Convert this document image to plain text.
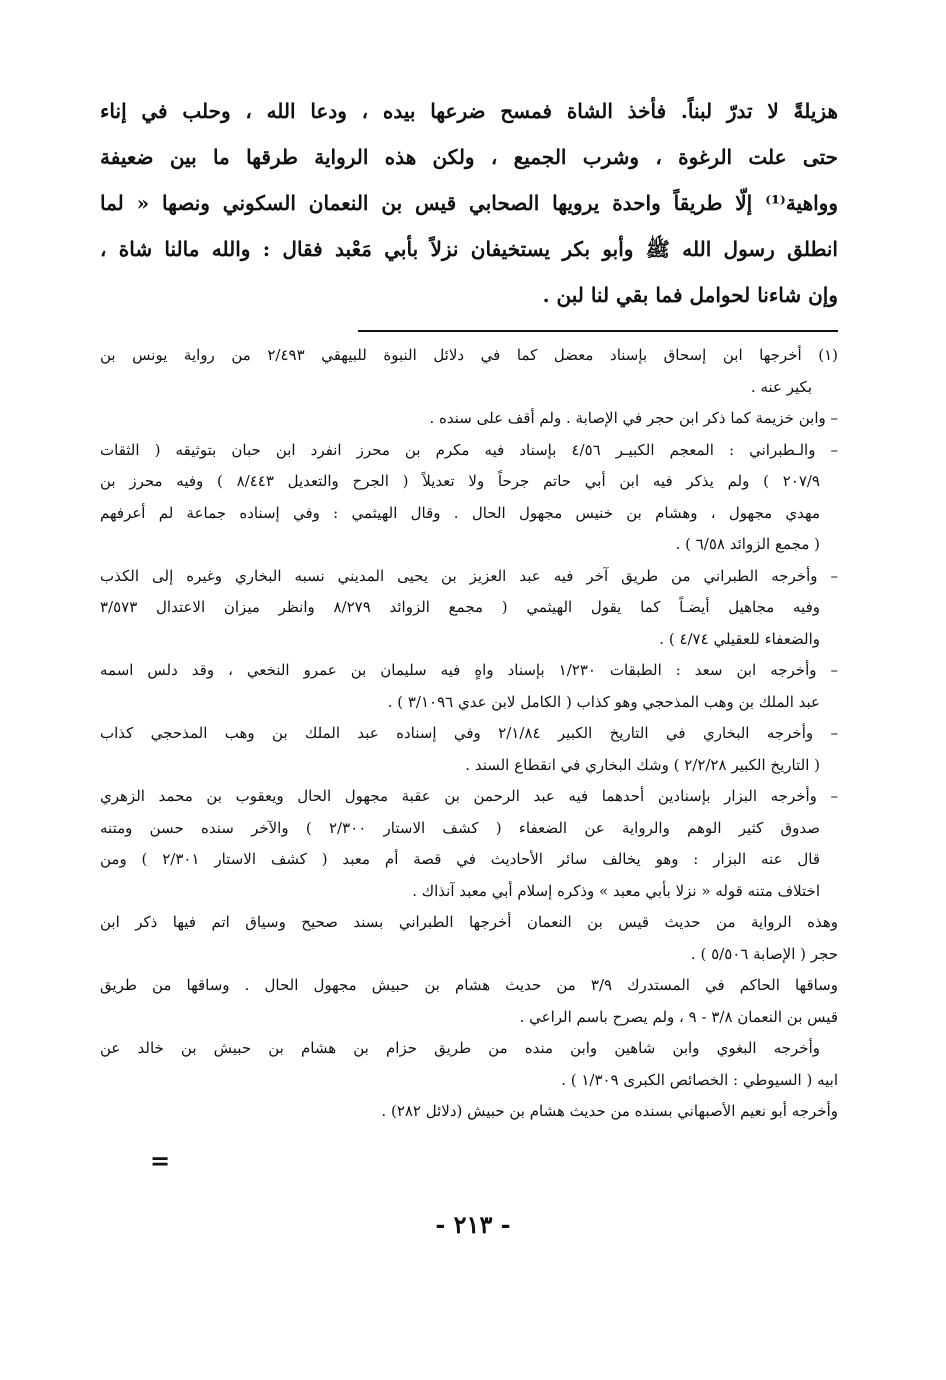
هزيلةً لا تدرّ لبناً. فأخذ الشاة فمسح ضرعها بيده ، ودعا الله ، وحلب في إناء
حتى علت الرغوة ، وشرب الجميع ، ولكن هذه الرواية طرقها ما بين ضعيفة
وواهية⁽¹⁾ إلّا طريقاً واحدة يرويها الصحابي قيس بن النعمان السكوني ونصها « لما
انطلق رسول الله ﷺ وأبو بكر يستخيفان نزلاً بأبي مَعْبد فقال : والله مالنا شاة ،
وإن شاءنا لحوامل فما بقي لنا لبن .
(١) أخرجها ابن إسحاق بإسناد معضل كما في دلائل النبوة للبيهقي ٢/٤٩٣ من رواية يونس بن
بكير عنه .
– وابن خزيمة كما ذكر ابن حجر في الإصابة . ولم أقف على سنده .
– والـطبراني : المعجم الكبيـر ٤/٥٦ بإسناد فيه مكرم بن محرز انفرد ابن حبان بتوثيقه ( الثقات
٢٠٧/٩ ) ولم يذكر فيه ابن أبي حاتم جرحاً ولا تعديلاً ( الجرح والتعديل ٨/٤٤٣ ) وفيه محرز بن
مهدي مجهول ، وهشام بن خنيس مجهول الحال . وقال الهيثمي : وفي إسناده جماعة لم أعرفهم
( مجمع الزوائد ٦/٥٨ ) .
– وأخرجه الطبراني من طريق آخر فيه عبد العزيز بن يحيى المديني نسبه البخاري وغيره إلى الكذب
وفيه مجاهيل أيضـاً كما يقول الهيثمي ( مجمع الزوائد ٨/٢٧٩ وانظر ميزان الاعتدال ٣/٥٧٣
والضعفاء للعقيلي ٤/٧٤ ) .
– وأخرجه ابن سعد : الطبقات ١/٢٣٠ بإسناد واهٍ فيه سليمان بن عمرو النخعي ، وقد دلس اسمه
عبد الملك بن وهب المذحجي وهو كذاب ( الكامل لابن عدي ٣/١٠٩٦ ) .
– وأخرجه البخاري في التاريخ الكبير ٢/١/٨٤ وفي إسناده عبد الملك بن وهب المذحجي كذاب
( التاريخ الكبير ٢/٢/٢٨ ) وشك البخاري في انقطاع السند .
– وأخرجه البزار بإسنادين أحدهما فيه عبد الرحمن بن عقبة مجهول الحال ويعقوب بن محمد الزهري
صدوق كثير الوهم والرواية عن الضعفاء ( كشف الاستار ٢/٣٠٠ ) والآخر سنده حسن ومتنه
قال عنه البزار : وهو يخالف سائر الأحاديث في قصة أم معبد ( كشف الاستار ٢/٣٠١ ) ومن
اختلاف متنه قوله « نزلا بأبي معبد » وذكره إسلام أبي معبد آنذاك .
وهذه الرواية من حديث قيس بن النعمان أخرجها الطبراني بسند صحيح وسياق اتم فيها ذكر ابن
حجر ( الإصابة ٥/٥٠٦ ) .
وساقها الحاكم في المستدرك ٣/٩ من حديث هشام بن حبيش مجهول الحال . وساقها من طريق
قيس بن النعمان ٣/٨ - ٩ ، ولم يصرح باسم الراعي .
وأخرجه البغوي وابن شاهين وابن منده من طريق حزام بن هشام بن حبيش بن خالد عن
ابيه ( السيوطي : الخصائص الكبرى ١/٣٠٩ ) .
وأخرجه أبو نعيم الأصبهاني بسنده من حديث هشام بن حبيش (دلائل ٢٨٢) .
=
- ٢١٣ -
